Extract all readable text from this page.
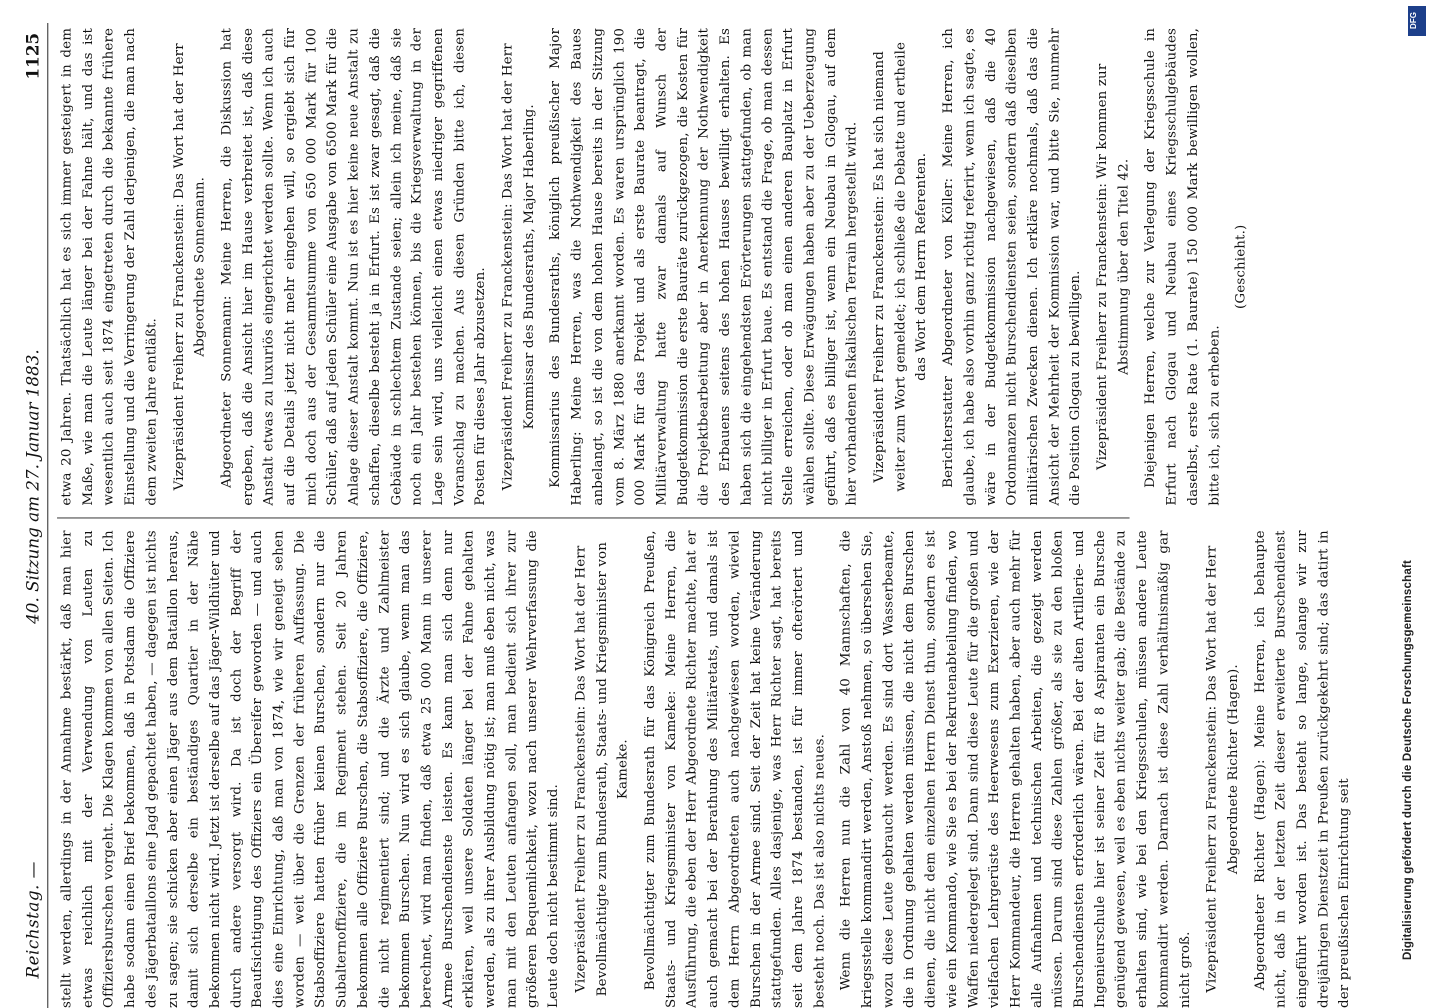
Reichstag. —
40. Sitzung am 27. Januar 1883.
1125

stellt werden, allerdings in der Annahme bestärkt, daß man hier etwas reichlich mit der Verwendung von Leuten zu Offiziersburschen vorgeht. Die Klagen kommen von allen Seiten. Ich habe sodann einen Brief bekommen, daß in Potsdam die Offiziere des Jägerbataillons eine Jagd gepachtet haben, — dagegen ist nichts zu sagen; sie schicken aber einen Jäger aus dem Bataillon heraus, damit sich derselbe ein beständiges Quartier in der Nähe bekommen nicht wird. Jetzt ist derselbe auf das Jäger-Wildhüter und durch andere versorgt wird. Da ist doch der Begriff der Beaufsichtigung des Offiziers ein Übereifer geworden — und auch dies eine Einrichtung, daß man von 1874, wie wir geneigt sehen worden — weit über die Grenzen der früheren Auffassung. Die Stabsoffiziere hatten früher keinen Burschen, sondern nur die Subalternoffiziere, die im Regiment stehen. Seit 20 Jahren bekommen alle Offiziere Burschen, die Stabsoffiziere, die Offiziere, die nicht regimentiert sind; und die Ärzte und Zahlmeister bekommen Burschen. Nun wird es sich glaube, wenn man das berechnet, wird man finden, daß etwa 25 000 Mann in unserer Armee Burschendienste leisten. Es kann man sich denn nur erklären, weil unsere Soldaten länger bei der Fahne gehalten werden, als zu ihrer Ausbildung nötig ist; man muß eben nicht, was man mit den Leuten anfangen soll, man bedient sich ihrer zur größeren Bequemlichkeit, wozu nach unserer Wehrverfassung die Leute doch nicht bestimmt sind. Vizepräsident Freiherr zu Franckenstein: Das Wort hat der Herr Bevollmächtigte zum Bundesrath, Staats- und Kriegsminister von Kameke. Bevollmächtigter zum Bundesrath für das Königreich Preußen, Staats- und Kriegsminister von Kameke: Meine Herren, die Ausführung, die eben der Herr Abgeordnete Richter machte, hat er auch gemacht bei der Berathung des Militäretats, und damals ist dem Herrn Abgeordneten auch nachgewiesen worden, wieviel Burschen in der Armee sind. Seit der Zeit hat keine Veränderung stattgefunden. Alles dasjenige, was Herr Richter sagt, hat bereits seit dem Jahre 1874 bestanden, ist für immer ofterörtert und besteht noch. Das ist also nichts neues. Wenn die Herren nun die Zahl von 40 Mannschaften, die kriegsstelle kommandirt werden, Anstoß nehmen, so übersehen Sie, wozu diese Leute gebraucht werden. Es sind dort Wasserbeamte, die in Ordnung gehalten werden müssen, die nicht dem Burschen dienen, die nicht dem einzelnen Herrn Dienst thun, sondern es ist wie ein Kommando, wie Sie es bei der Rekrutenabteilung finden, wo Waffen niedergelegt sind. Dann sind diese Leute für die großen und vielfachen Lehrgerüste des Heerwesens zum Exerzieren, wie der Herr Kommandeur, die Herren gehalten haben, aber auch mehr für alle Aufnahmen und technischen Arbeiten, die gezeigt werden müssen. Darum sind diese Zahlen größer, als sie zu den bloßen Burschendiensten erforderlich wären. Bei der alten Artillerie- und Ingenieurschule hier ist seiner Zeit für 8 Aspiranten ein Bursche genügend gewesen, weil es eben nichts weiter gab; die Bestände zu erhalten sind, wie bei den Kriegsschulen, müssen andere Leute kommandirt werden. Darnach ist diese Zahl verhältnismäßig gar nicht groß. Vizepräsident Freiherr zu Franckenstein: Das Wort hat der Herr Abgeordnete Richter (Hagen). Abgeordneter Richter (Hagen): Meine Herren, ich behaupte nicht, daß in der letzten Zeit dieser erweiterte Burschendienst eingeführt worden ist. Das besteht so lange, solange wir zur dreijährigen Dienstzeit in Preußen zurückgekehrt sind; das datirt in der preußischen Einrichtung seit

etwa 20 Jahren. Thatsächlich hat es sich immer gesteigert in dem Maße, wie man die Leute länger bei der Fahne hält, und das ist wesentlich auch seit 1874 eingetreten durch die bekannte frühere Einstellung und die Verringerung der Zahl derjenigen, die man nach dem zweiten Jahre entläßt. Vizepräsident Freiherr zu Franckenstein: Das Wort hat der Herr Abgeordnete Sonnemann. Abgeordneter Sonnemann: Meine Herren, die Diskussion hat ergeben, daß die Ansicht hier im Hause verbreitet ist, daß diese Anstalt etwas zu luxuriös eingerichtet werden sollte. Wenn ich auch auf die Details jetzt nicht mehr eingehen will, so ergiebt sich für mich doch aus der Gesammtsumme von 650 000 Mark für 100 Schüler, daß auf jeden Schüler eine Ausgabe von 6500 Mark für die Anlage dieser Anstalt kommt. Nun ist es hier keine neue Anstalt zu schaffen, dieselbe besteht ja in Erfurt. Es ist zwar gesagt, daß die Gebäude in schlechtem Zustande seien; allein ich meine, daß sie noch ein Jahr bestehen können, bis die Kriegsverwaltung in der Lage sein wird, uns vielleicht einen etwas niedriger gegriffenen Voranschlag zu machen. Aus diesen Gründen bitte ich, diesen Posten für dieses Jahr abzusetzen. Vizepräsident Freiherr zu Franckenstein: Das Wort hat der Herr Kommissar des Bundesraths, Major Haberling. Kommissarius des Bundesraths, königlich preußischer Major Haberling: Meine Herren, was die Nothwendigkeit des Baues anbelangt, so ist die von dem hohen Hause bereits in der Sitzung vom 8. März 1880 anerkannt worden. Es waren ursprünglich 190 000 Mark für das Projekt und als erste Baurate beantragt, die Militärverwaltung hatte zwar damals auf Wunsch der Budgetkommission die erste Bauräte zurückgezogen, die Kosten für die Projektbearbeitung aber in Anerkennung der Nothwendigkeit des Erbauens seitens des hohen Hauses bewilligt erhalten. Es haben sich die eingehendsten Erörterungen stattgefunden, ob man nicht billiger in Erfurt baue. Es entstand die Frage, ob man dessen Stelle erreichen, oder ob man einen anderen Bauplatz in Erfurt wählen sollte. Diese Erwägungen haben aber zu der Ueberzeugung geführt, daß es billiger ist, wenn ein Neubau in Glogau, auf dem hier vorhandenen fiskalischen Terrain hergestellt wird. Vizepräsident Freiherr zu Franckenstein: Es hat sich niemand weiter zum Wort gemeldet; ich schließe die Debatte und ertheile das Wort dem Herrn Referenten. Berichterstatter Abgeordneter von Köller: Meine Herren, ich glaube, ich habe also vorhin ganz richtig referirt, wenn ich sagte, es wäre in der Budgetkommission nachgewiesen, daß die 40 Ordonnanzen nicht Burschendiensten seien, sondern daß dieselben militärischen Zwecken dienen. Ich erkläre nochmals, daß das die Ansicht der Mehrheit der Kommission war, und bitte Sie, nunmehr die Position Glogau zu bewilligen. Vizepräsident Freiherr zu Franckenstein: Wir kommen zur Abstimmung über den Titel 42. Diejenigen Herren, welche zur Verlegung der Kriegsschule in Erfurt nach Glogau und Neubau eines Kriegsschulgebäudes daselbst, erste Rate (1. Baurate) 150 000 Mark bewilligen wollen, bitte ich, sich zu erheben.

(Geschieht.)

Digitalisierung gefördert durch die Deutsche Forschungsgemeinschaft
DFG
